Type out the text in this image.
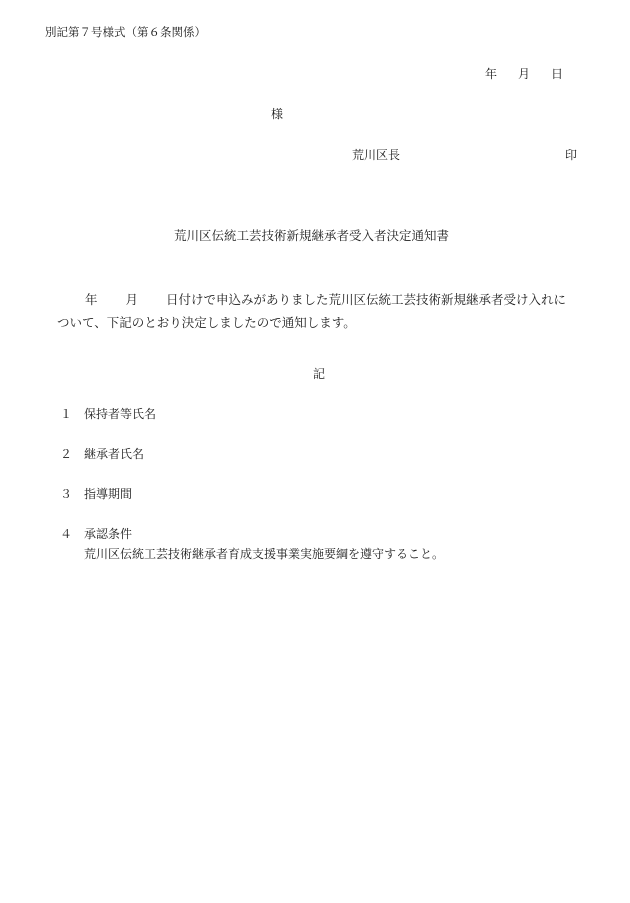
別記第７号様式（第６条関係）
年 月 日
様
荒川区長	印
荒川区伝統工芸技術新規継承者受入者決定通知書
年 月 日付けで申込みがありました荒川区伝統工芸技術新規継承者受け入れに
ついて、下記のとおり決定しましたので通知します。
記
１ 保持者等氏名
２ 継承者氏名
３ 指導期間
４ 承認条件
荒川区伝統工芸技術継承者育成支援事業実施要綱を遵守すること。
